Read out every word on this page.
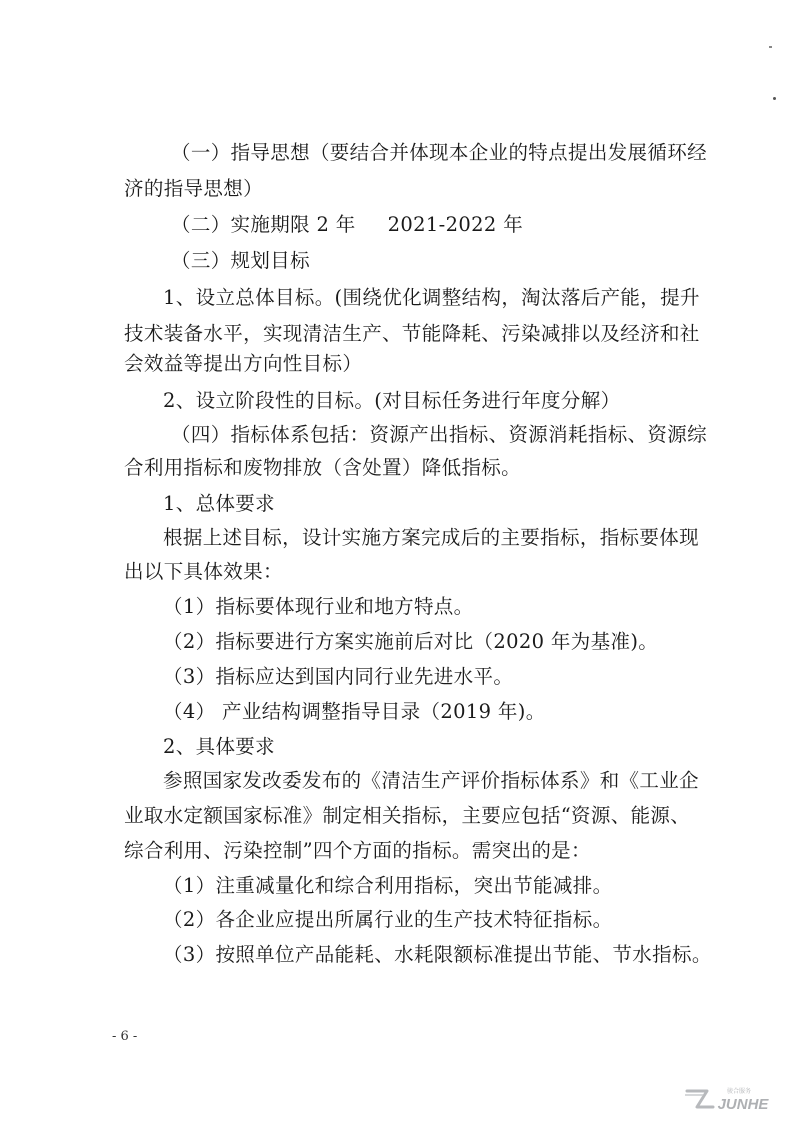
（一）指导思想（要结合并体现本企业的特点提出发展循环经
济的指导思想）
（二）实施期限 2 年 2021-2022 年
（三）规划目标
1、设立总体目标。(围绕优化调整结构，淘汰落后产能，提升
技术装备水平，实现清洁生产、节能降耗、污染减排以及经济和社
会效益等提出方向性目标）
2、设立阶段性的目标。(对目标任务进行年度分解）
（四）指标体系包括：资源产出指标、资源消耗指标、资源综
合利用指标和废物排放（含处置）降低指标。
1、总体要求
根据上述目标，设计实施方案完成后的主要指标，指标要体现
出以下具体效果：
（1）指标要体现行业和地方特点。
（2）指标要进行方案实施前后对比（2020 年为基准)。
（3）指标应达到国内同行业先进水平。
（4） 产业结构调整指导目录（2019 年)。
2、具体要求
参照国家发改委发布的《清洁生产评价指标体系》和《工业企
业取水定额国家标准》制定相关指标，主要应包括“资源、能源、
综合利用、污染控制”四个方面的指标。需突出的是：
（1）注重减量化和综合利用指标，突出节能减排。
（2）各企业应提出所属行业的生产技术特征指标。
（3）按照单位产品能耗、水耗限额标准提出节能、节水指标。
- 6 -
骏合服务
JUNHE
